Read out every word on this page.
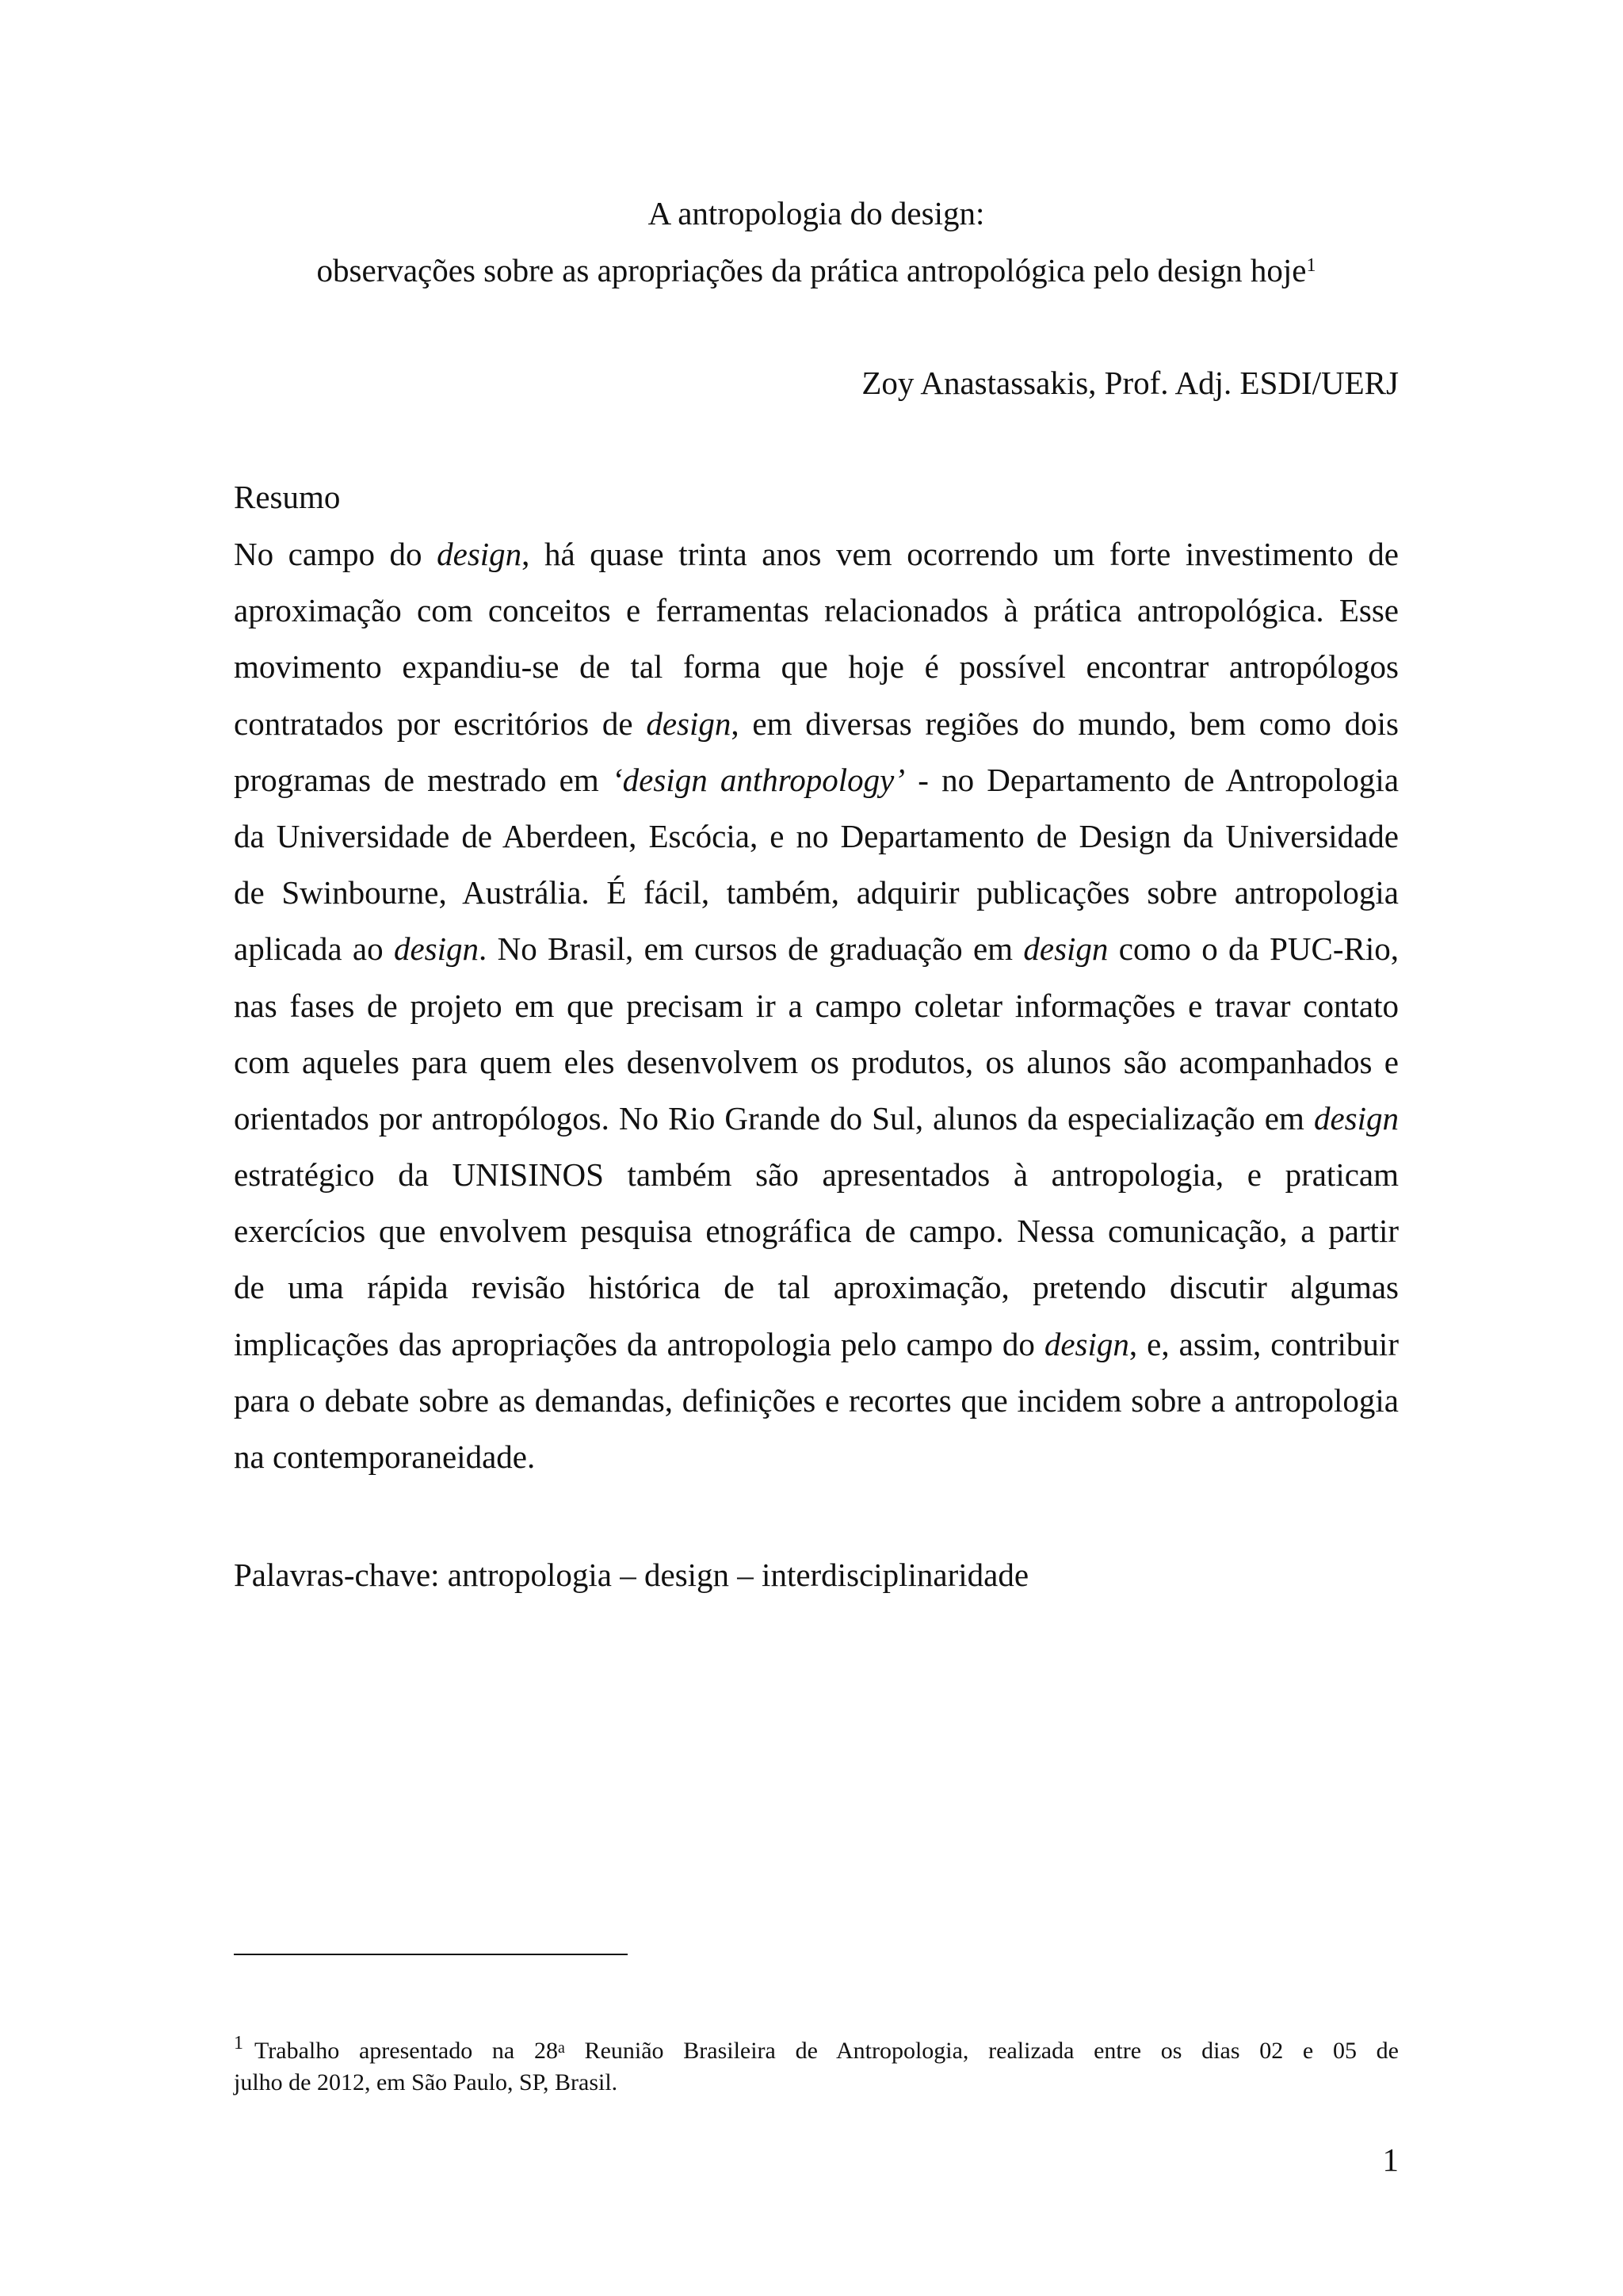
A antropologia do design:
observações sobre as apropriações da prática antropológica pelo design hoje$^1$
Zoy Anastassakis, Prof. Adj. ESDI/UERJ
Resumo
No campo do design, há quase trinta anos vem ocorrendo um forte investimento de
aproximação com conceitos e ferramentas relacionados à prática antropológica. Esse
movimento expandiu-se de tal forma que hoje é possível encontrar antropólogos
contratados por escritórios de design, em diversas regiões do mundo, bem como dois
programas de mestrado em ‘design anthropology’ - no Departamento de Antropologia
da Universidade de Aberdeen, Escócia, e no Departamento de Design da Universidade
de Swinbourne, Austrália. É fácil, também, adquirir publicações sobre antropologia
aplicada ao design. No Brasil, em cursos de graduação em design como o da PUC-Rio,
nas fases de projeto em que precisam ir a campo coletar informações e travar contato
com aqueles para quem eles desenvolvem os produtos, os alunos são acompanhados e
orientados por antropólogos. No Rio Grande do Sul, alunos da especialização em design
estratégico da UNISINOS também são apresentados à antropologia, e praticam
exercícios que envolvem pesquisa etnográfica de campo. Nessa comunicação, a partir
de uma rápida revisão histórica de tal aproximação, pretendo discutir algumas
implicações das apropriações da antropologia pelo campo do design, e, assim, contribuir
para o debate sobre as demandas, definições e recortes que incidem sobre a antropologia
na contemporaneidade.
Palavras-chave: antropologia – design – interdisciplinaridade
$^1$ Trabalho apresentado na 28$^a$ Reunião Brasileira de Antropologia, realizada entre os dias 02 e 05 de
julho de 2012, em São Paulo, SP, Brasil.
1
